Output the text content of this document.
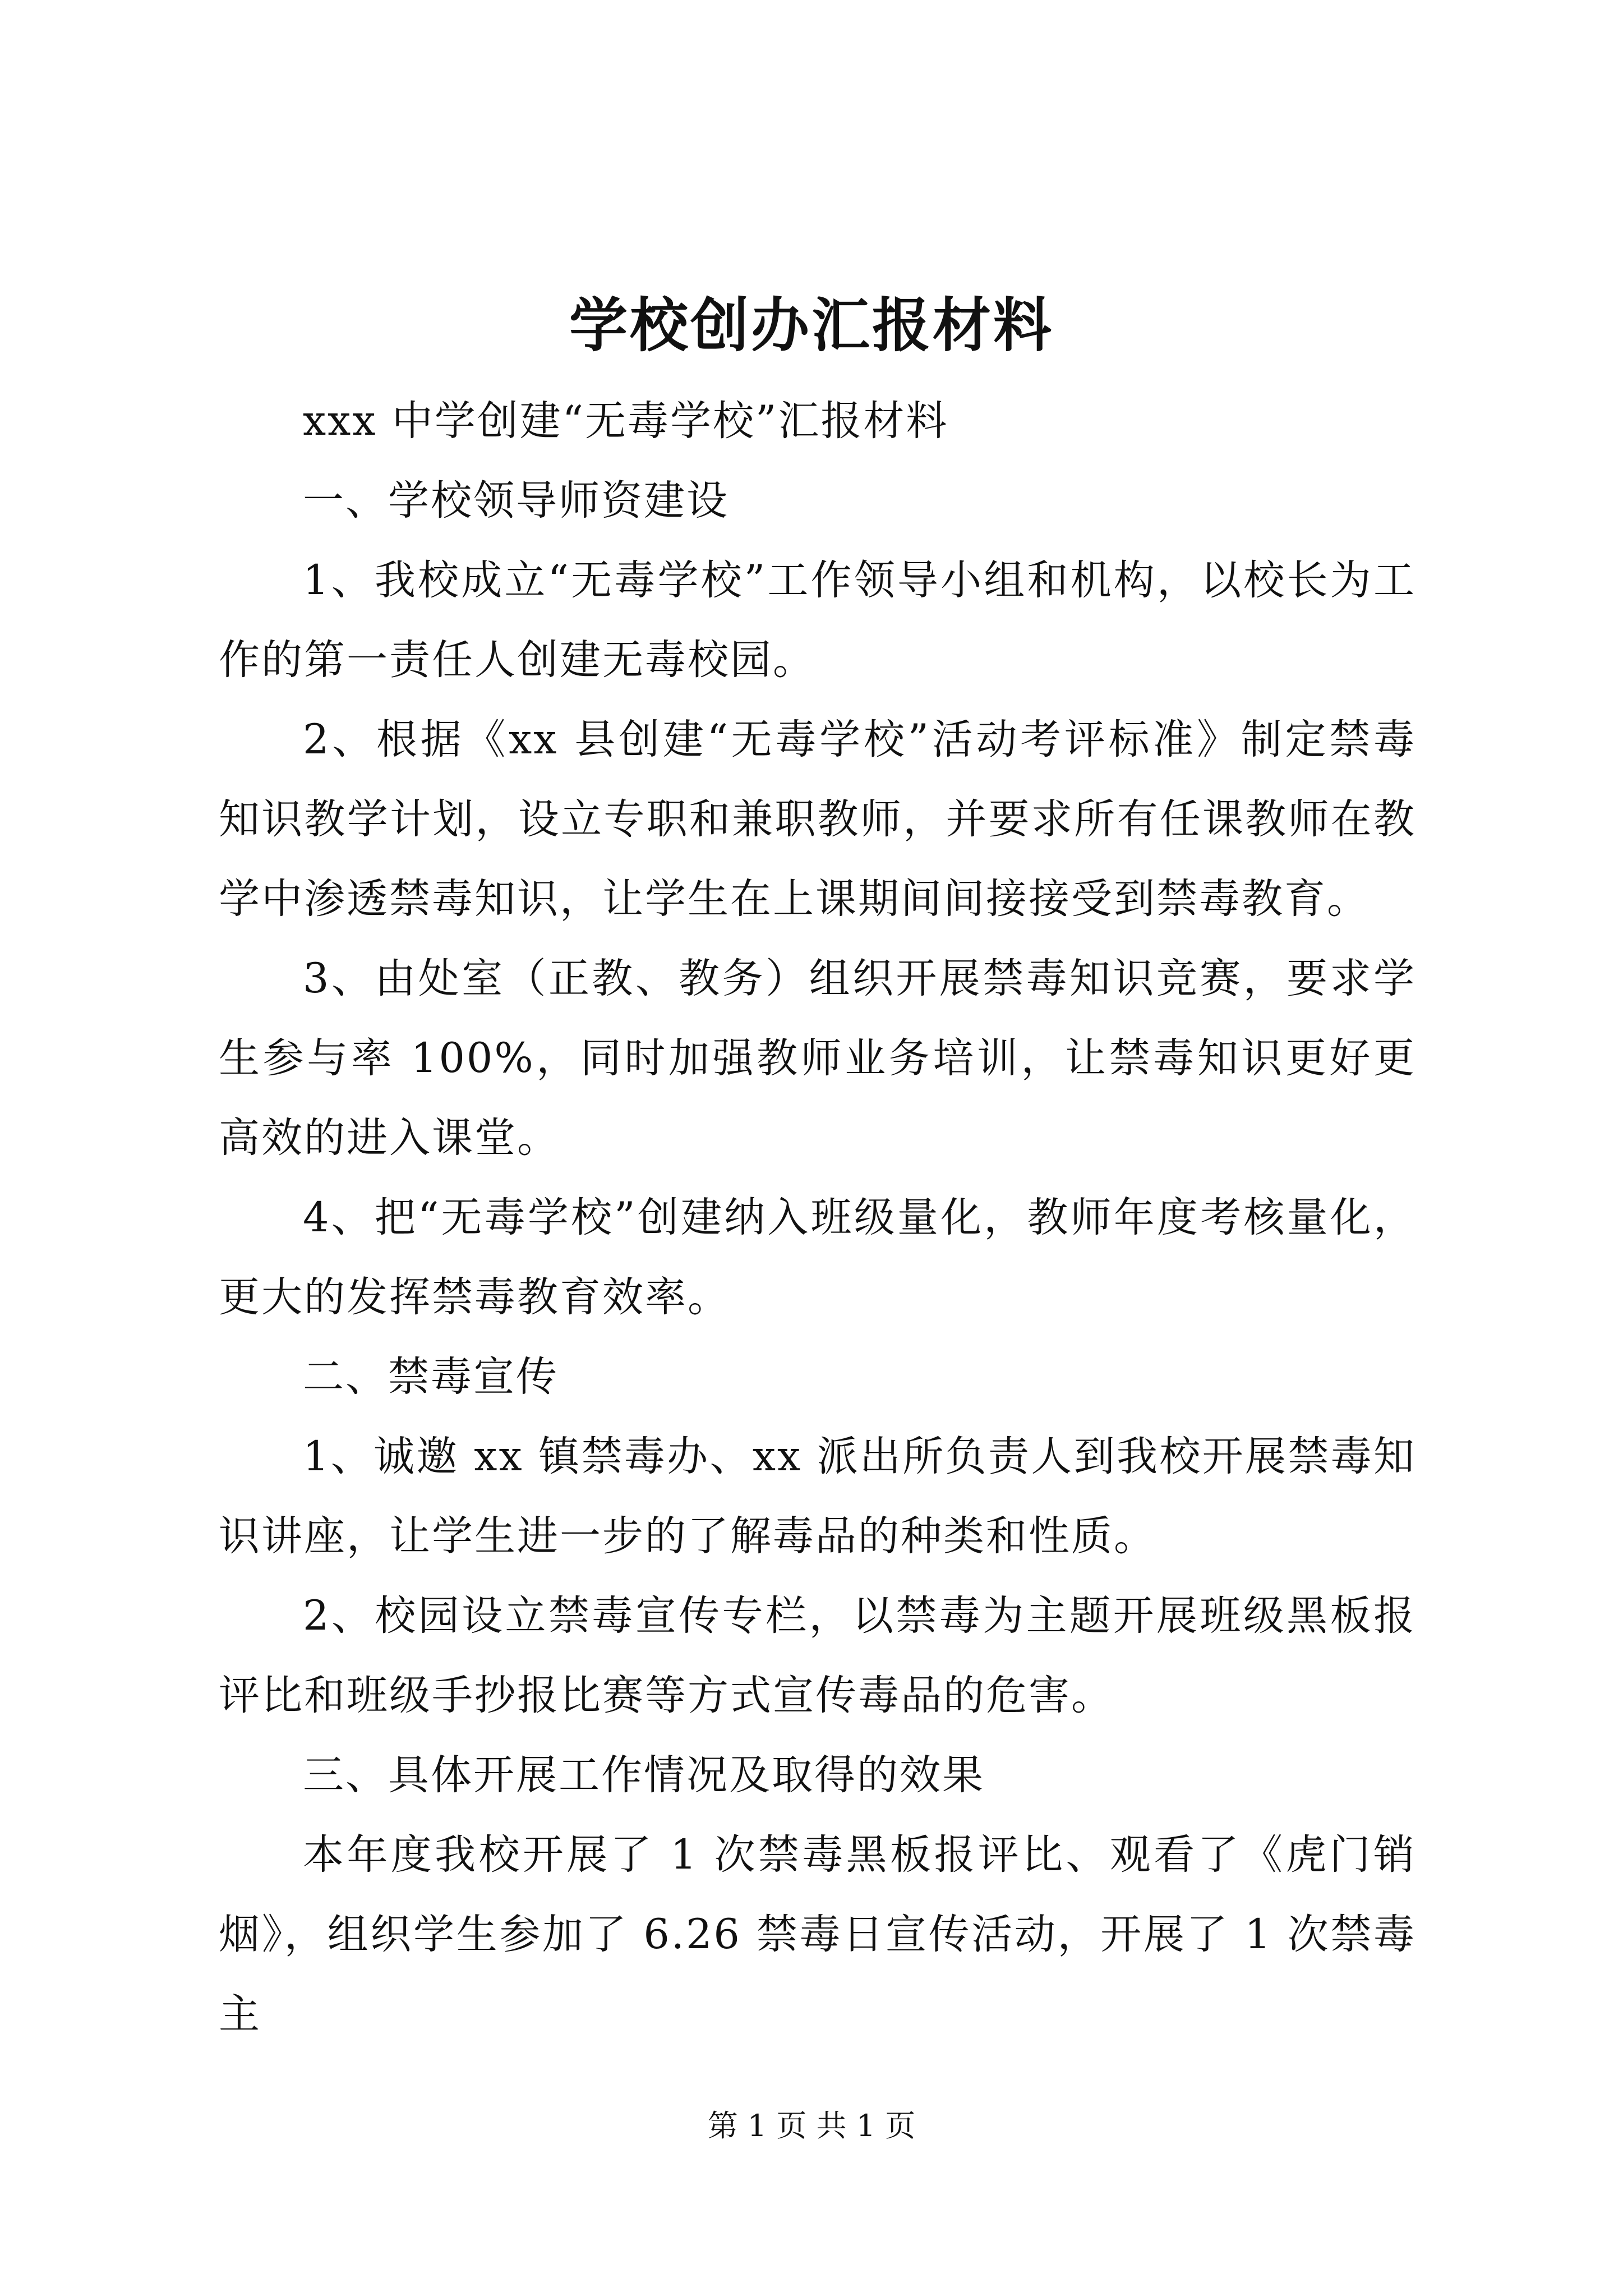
学校创办汇报材料

xxx 中学创建“无毒学校”汇报材料

一、学校领导师资建设

1、我校成立“无毒学校”工作领导小组和机构，以校长为工作的第一责任人创建无毒校园。

2、根据《xx 县创建“无毒学校”活动考评标准》制定禁毒知识教学计划，设立专职和兼职教师，并要求所有任课教师在教学中渗透禁毒知识，让学生在上课期间间接接受到禁毒教育。

3、由处室（正教、教务）组织开展禁毒知识竞赛，要求学生参与率 100%，同时加强教师业务培训，让禁毒知识更好更高效的进入课堂。

4、把“无毒学校”创建纳入班级量化，教师年度考核量化，更大的发挥禁毒教育效率。

二、禁毒宣传

1、诚邀 xx 镇禁毒办、xx 派出所负责人到我校开展禁毒知识讲座，让学生进一步的了解毒品的种类和性质。

2、校园设立禁毒宣传专栏，以禁毒为主题开展班级黑板报评比和班级手抄报比赛等方式宣传毒品的危害。

三、具体开展工作情况及取得的效果

本年度我校开展了 1 次禁毒黑板报评比、观看了《虎门销烟》，组织学生参加了 6.26 禁毒日宣传活动，开展了 1 次禁毒主

第 1 页 共 1 页
